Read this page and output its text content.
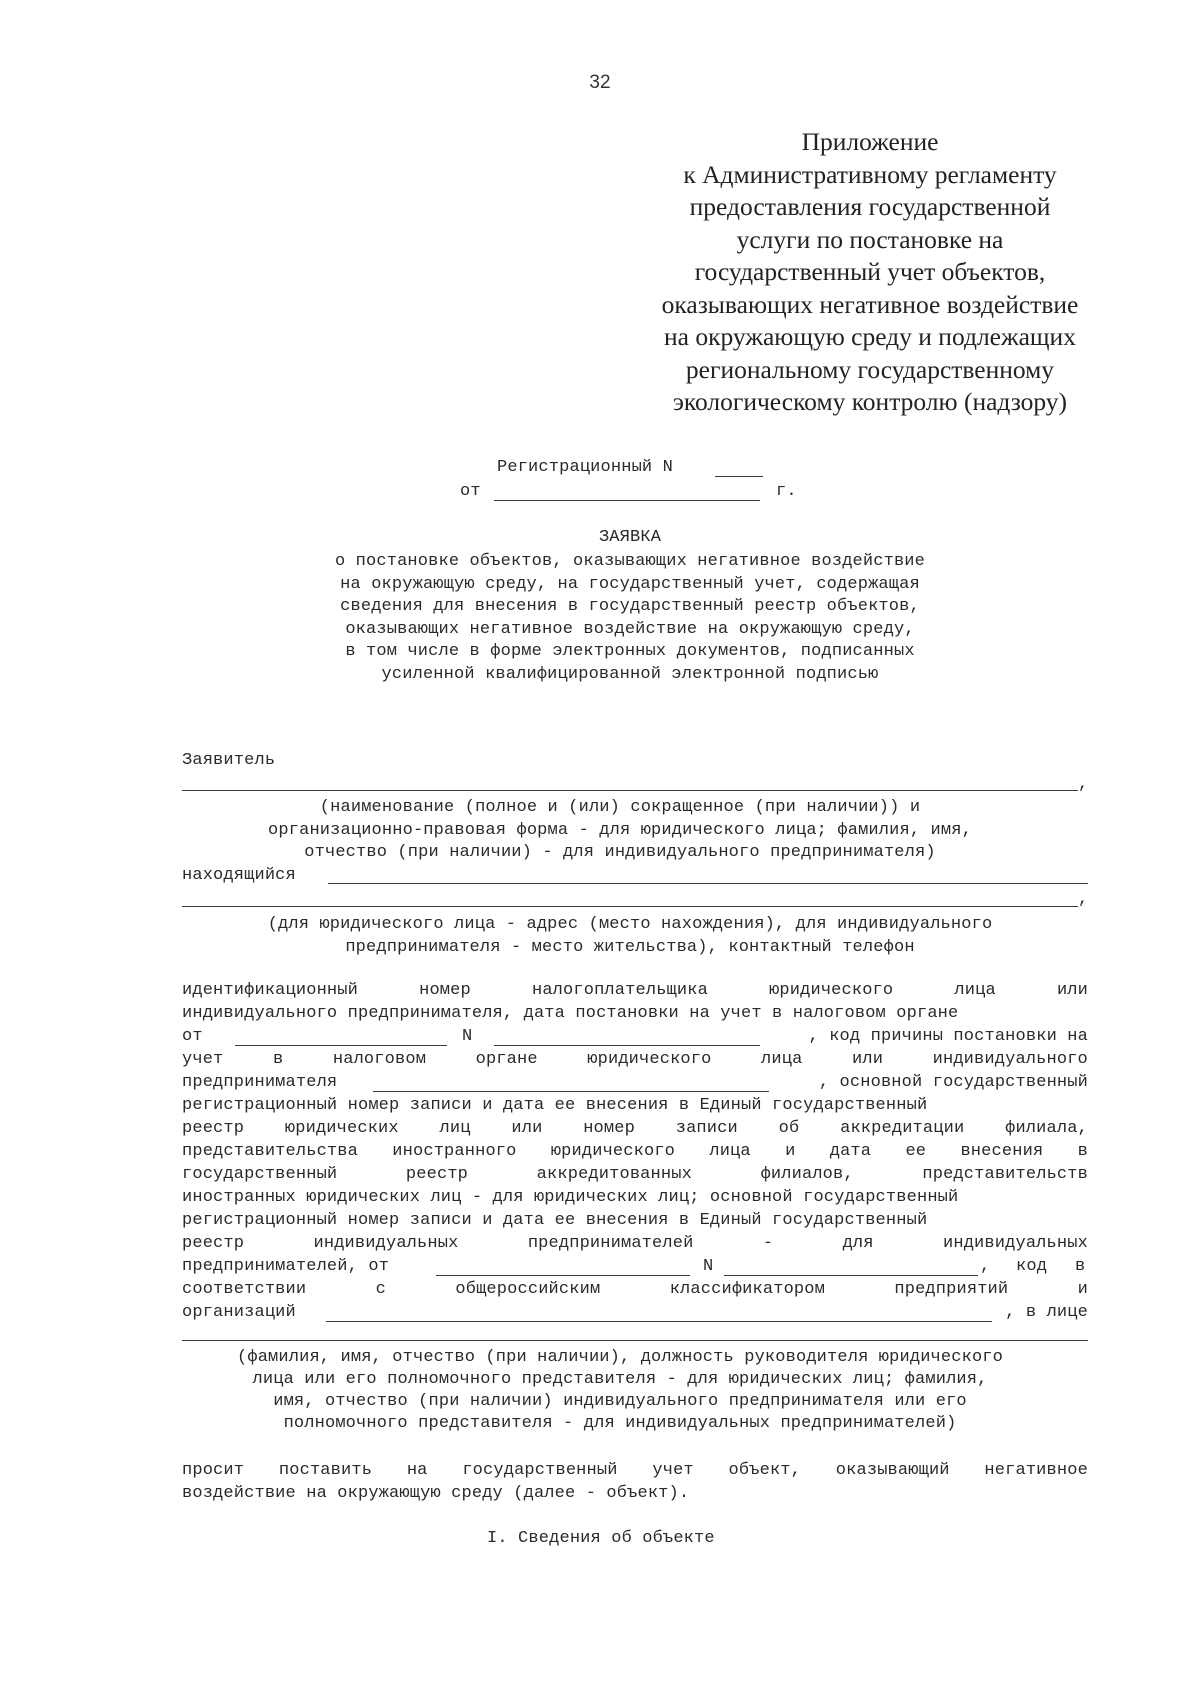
32
Приложение
к Административному регламенту
предоставления государственной
услуги по постановке на
государственный учет объектов,
оказывающих негативное воздействие
на окружающую среду и подлежащих
региональному государственному
экологическому контролю (надзору)
Регистрационный N
от	г.
ЗАЯВКА
о постановке объектов, оказывающих негативное воздействие
на окружающую среду, на государственный учет, содержащая
сведения для внесения в государственный реестр объектов,
оказывающих негативное воздействие на окружающую среду,
в том числе в форме электронных документов, подписанных
усиленной квалифицированной электронной подписью
Заявитель
,
(наименование (полное и (или) сокращенное (при наличии)) и
организационно-правовая форма - для юридического лица; фамилия, имя,
отчество (при наличии) - для индивидуального предпринимателя)
находящийся
,
(для юридического лица - адрес (место нахождения), для индивидуального
предпринимателя - место жительства), контактный телефон
идентификационный	номер	налогоплательщика	юридического	лица	или
индивидуального предпринимателя, дата постановки на учет в налоговом органе
от	N	, код причины постановки на
учет	в	налоговом	органе	юридического	лица	или	индивидуального
предпринимателя	, основной государственный
регистрационный номер записи и дата ее внесения в Единый государственный
реестр юридических лиц или номер записи об аккредитации филиала,
представительства иностранного юридического лица и дата ее внесения в
государственный	реестр	аккредитованных	филиалов,	представительств
иностранных юридических лиц - для юридических лиц; основной государственный
регистрационный номер записи и дата ее внесения в Единый государственный
реестр	индивидуальных	предпринимателей	-	для	индивидуальных
предпринимателей, от	N	, код в
соответствии	с	общероссийским	классификатором	предприятий	и
организаций	, в лице
(фамилия, имя, отчество (при наличии), должность руководителя юридического
лица или его полномочного представителя - для юридических лиц; фамилия,
имя, отчество (при наличии) индивидуального предпринимателя или его
полномочного представителя - для индивидуальных предпринимателей)
просит поставить на государственный учет объект, оказывающий негативное
воздействие на окружающую среду (далее - объект).
I. Сведения об объекте
